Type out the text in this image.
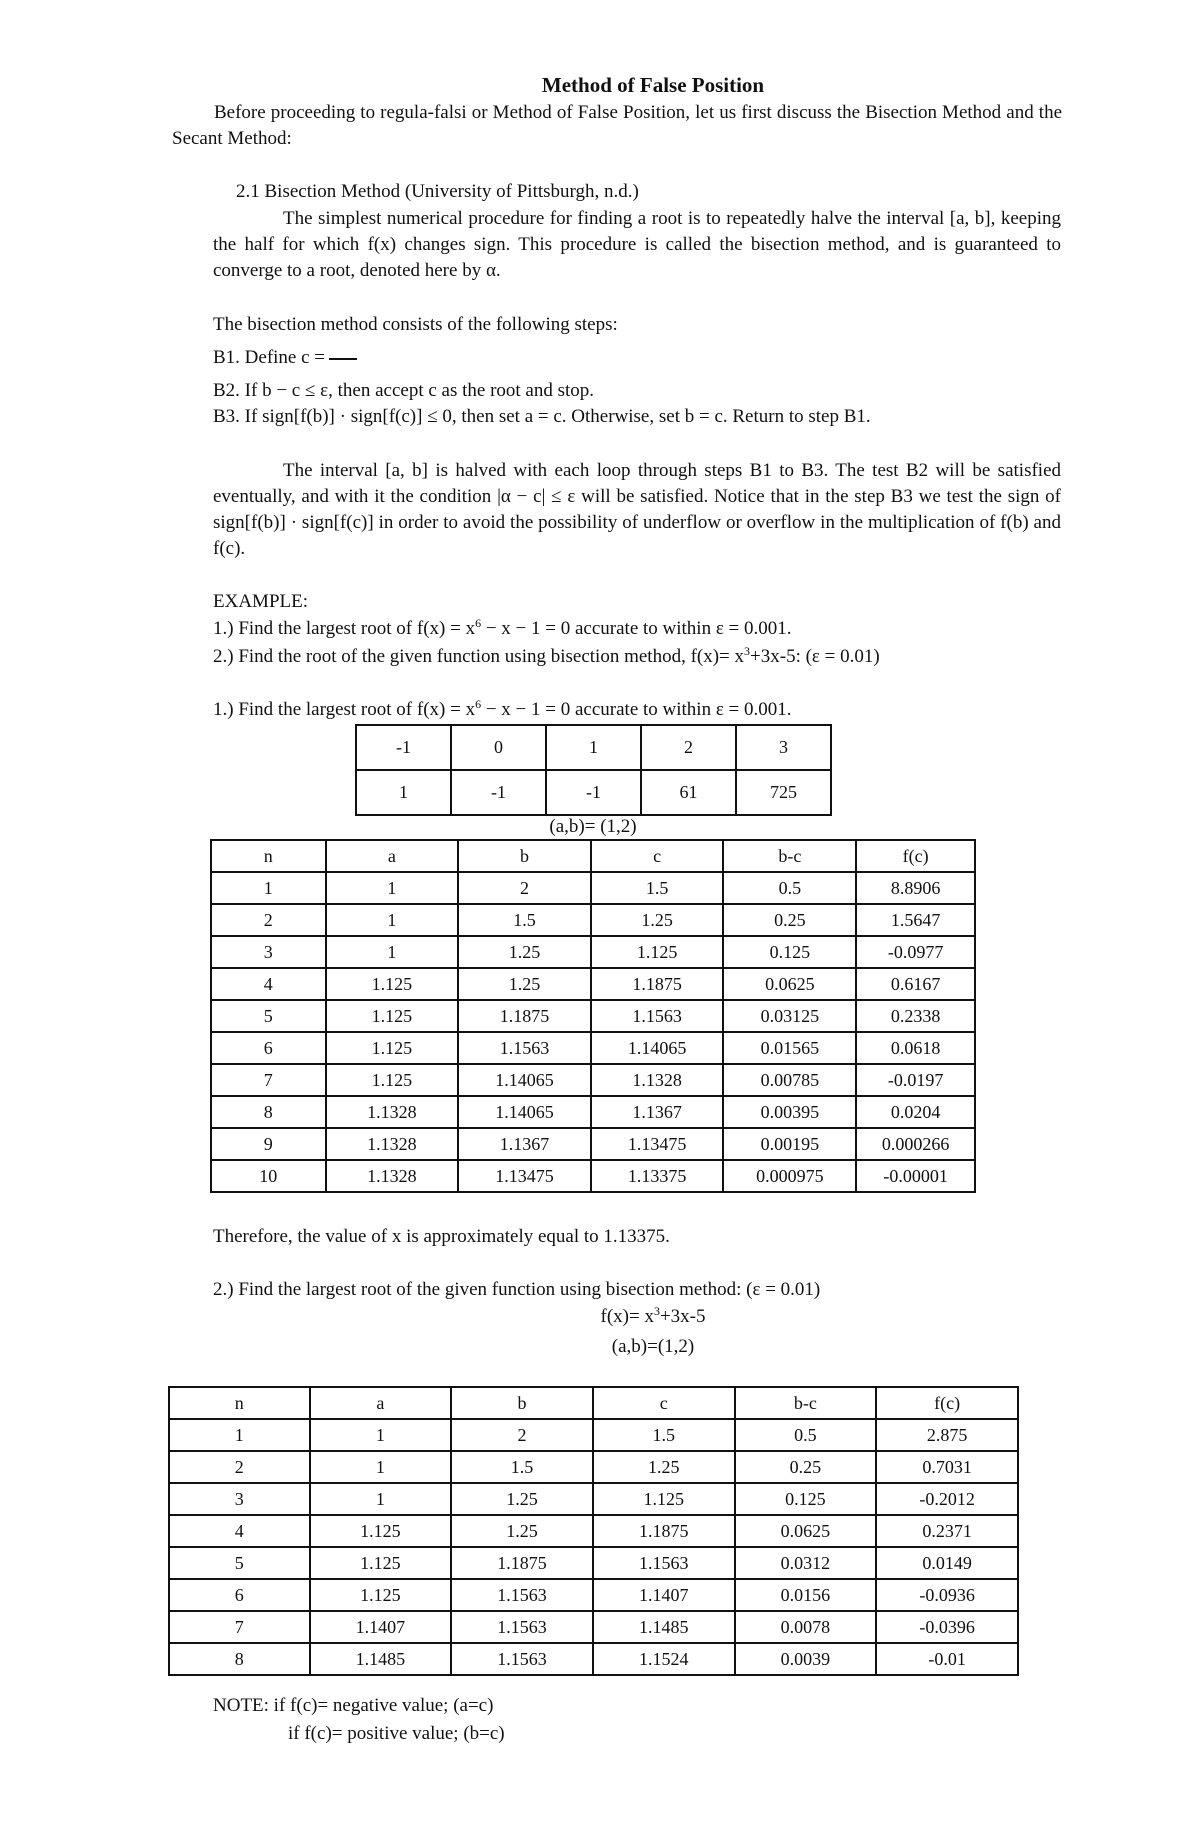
Method of False Position
Before proceeding to regula-falsi or Method of False Position, let us first discuss the Bisection Method and the Secant Method:
2.1 Bisection Method (University of Pittsburgh, n.d.)
The simplest numerical procedure for finding a root is to repeatedly halve the interval [a, b], keeping the half for which f(x) changes sign. This procedure is called the bisection method, and is guaranteed to converge to a root, denoted here by α.
The bisection method consists of the following steps:
B1. Define c =
B2. If b − c ≤ ε, then accept c as the root and stop.
B3. If sign[f(b)] · sign[f(c)] ≤ 0, then set a = c. Otherwise, set b = c. Return to step B1.
The interval [a, b] is halved with each loop through steps B1 to B3. The test B2 will be satisfied eventually, and with it the condition |α − c| ≤ ε will be satisfied. Notice that in the step B3 we test the sign of sign[f(b)] · sign[f(c)] in order to avoid the possibility of underflow or overflow in the multiplication of f(b) and f(c).
EXAMPLE:
1.) Find the largest root of $f(x) = x^6 - x - 1 = 0$ accurate to within ε = 0.001.
2.) Find the root of the given function using bisection method, $f(x)= x^3+3x-5$: (ε = 0.01)
1.) Find the largest root of $f(x) = x^6 - x - 1 = 0$ accurate to within ε = 0.001.
-1	0	1	2	3
1	-1	-1	61	725
(a,b)= (1,2)
n	a	b	c	b-c	f(c)
1	1	2	1.5	0.5	8.8906
2	1	1.5	1.25	0.25	1.5647
3	1	1.25	1.125	0.125	-0.0977
4	1.125	1.25	1.1875	0.0625	0.6167
5	1.125	1.1875	1.1563	0.03125	0.2338
6	1.125	1.1563	1.14065	0.01565	0.0618
7	1.125	1.14065	1.1328	0.00785	-0.0197
8	1.1328	1.14065	1.1367	0.00395	0.0204
9	1.1328	1.1367	1.13475	0.00195	0.000266
10	1.1328	1.13475	1.13375	0.000975	-0.00001
Therefore, the value of x is approximately equal to 1.13375.
2.) Find the largest root of the given function using bisection method: (ε = 0.01)
$f(x)= x^3+3x-5$
(a,b)=(1,2)
n	a	b	c	b-c	f(c)
1	1	2	1.5	0.5	2.875
2	1	1.5	1.25	0.25	0.7031
3	1	1.25	1.125	0.125	-0.2012
4	1.125	1.25	1.1875	0.0625	0.2371
5	1.125	1.1875	1.1563	0.0312	0.0149
6	1.125	1.1563	1.1407	0.0156	-0.0936
7	1.1407	1.1563	1.1485	0.0078	-0.0396
8	1.1485	1.1563	1.1524	0.0039	-0.01
NOTE: if f(c)= negative value; (a=c)
if f(c)= positive value; (b=c)
